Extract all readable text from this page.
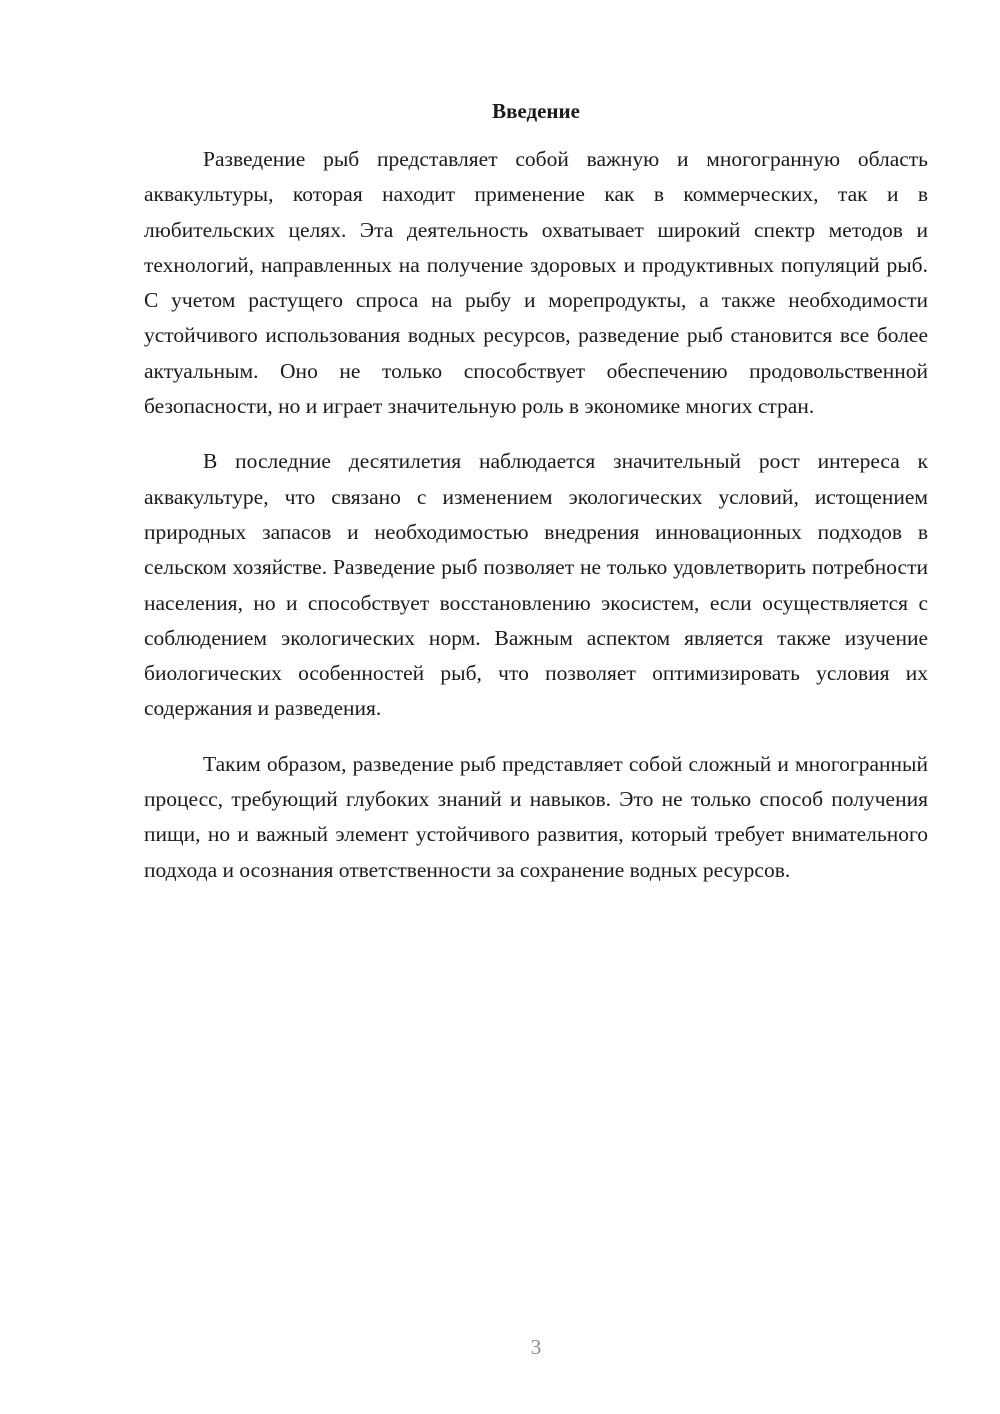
Введение

Разведение рыб представляет собой важную и многогранную область аквакультуры, которая находит применение как в коммерческих, так и в любительских целях. Эта деятельность охватывает широкий спектр методов и технологий, направленных на получение здоровых и продуктивных популяций рыб. С учетом растущего спроса на рыбу и морепродукты, а также необходимости устойчивого использования водных ресурсов, разведение рыб становится все более актуальным. Оно не только способствует обеспечению продовольственной безопасности, но и играет значительную роль в экономике многих стран.

В последние десятилетия наблюдается значительный рост интереса к аквакультуре, что связано с изменением экологических условий, истощением природных запасов и необходимостью внедрения инновационных подходов в сельском хозяйстве. Разведение рыб позволяет не только удовлетворить потребности населения, но и способствует восстановлению экосистем, если осуществляется с соблюдением экологических норм. Важным аспектом является также изучение биологических особенностей рыб, что позволяет оптимизировать условия их содержания и разведения.

Таким образом, разведение рыб представляет собой сложный и многогранный процесс, требующий глубоких знаний и навыков. Это не только способ получения пищи, но и важный элемент устойчивого развития, который требует внимательного подхода и осознания ответственности за сохранение водных ресурсов.

3
